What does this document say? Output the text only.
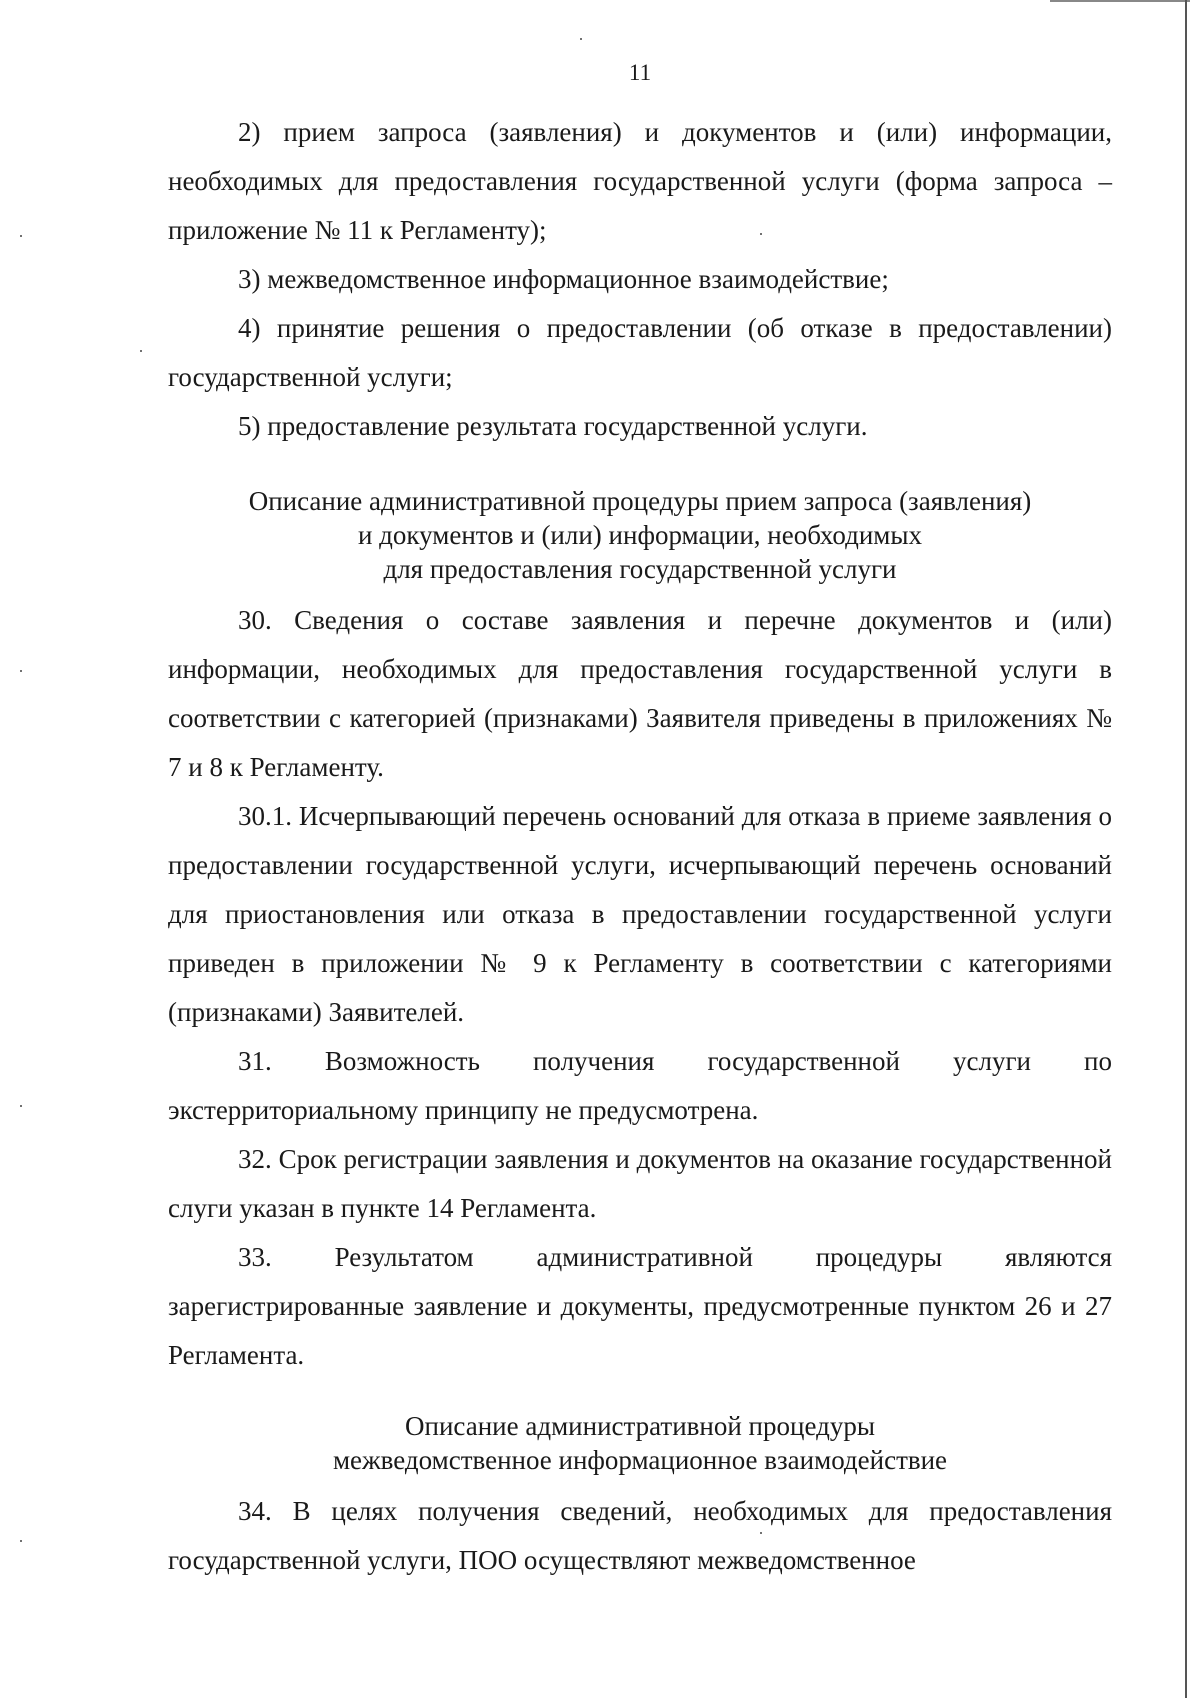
11

2) прием запроса (заявления) и документов и (или) информации, необходимых для предоставления государственной услуги (форма запроса – приложение № 11 к Регламенту);

3) межведомственное информационное взаимодействие;

4) принятие решения о предоставлении (об отказе в предоставлении) государственной услуги;

5) предоставление результата государственной услуги.

Описание административной процедуры прием запроса (заявления)
и документов и (или) информации, необходимых
для предоставления государственной услуги

30. Сведения о составе заявления и перечне документов и (или) информации, необходимых для предоставления государственной услуги в соответствии с категорией (признаками) Заявителя приведены в приложениях № 7 и 8 к Регламенту.

30.1. Исчерпывающий перечень оснований для отказа в приеме заявления о предоставлении государственной услуги, исчерпывающий перечень оснований для приостановления или отказа в предоставлении государственной услуги приведен в приложении № 9 к Регламенту в соответствии с категориями (признаками) Заявителей.

31. Возможность получения государственной услуги по экстерриториальному принципу не предусмотрена.

32. Срок регистрации заявления и документов на оказание государственной слуги указан в пункте 14 Регламента.

33. Результатом административной процедуры являются зарегистрированные заявление и документы, предусмотренные пунктом 26 и 27 Регламента.

Описание административной процедуры
межведомственное информационное взаимодействие

34. В целях получения сведений, необходимых для предоставления государственной услуги, ПОО осуществляют межведомственное
